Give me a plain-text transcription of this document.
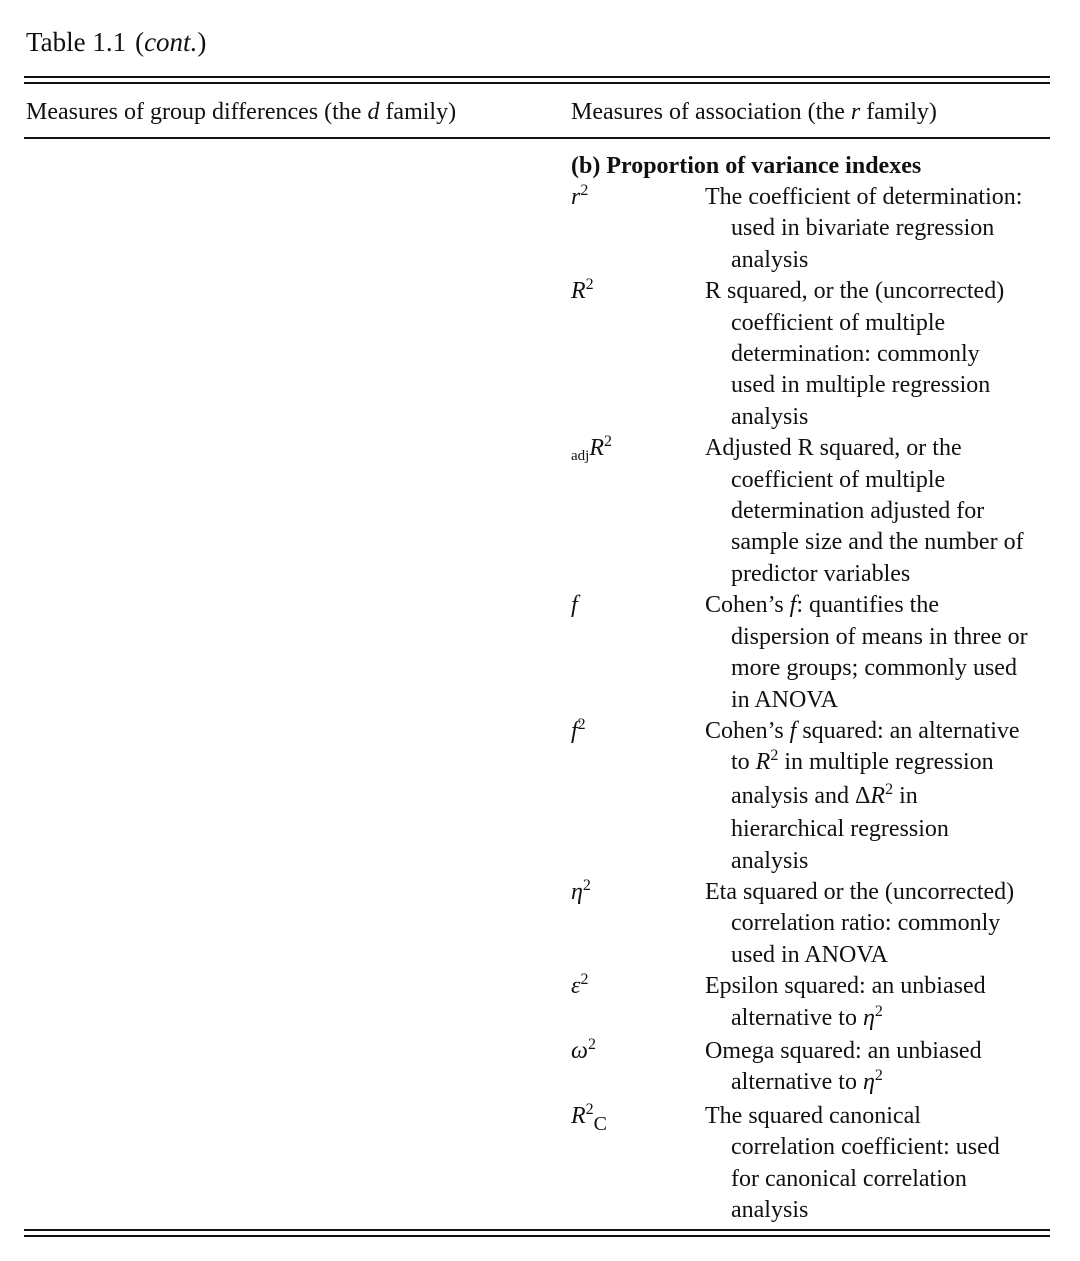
Table 1.1 (cont.)
Measures of group differences (the d family)	Measures of association (the r family)
(b) Proportion of variance indexes
$r^2$	The coefficient of determination:
used in bivariate regression
analysis
$R^2$	R squared, or the (uncorrected)
coefficient of multiple
determination: commonly
used in multiple regression
analysis
$_{adj}R^2$	Adjusted R squared, or the
coefficient of multiple
determination adjusted for
sample size and the number of
predictor variables
f	Cohen’s f: quantifies the
dispersion of means in three or
more groups; commonly used
in ANOVA
$f^2$	Cohen’s f squared: an alternative
to $R^2$ in multiple regression
analysis and $\Delta R^2$ in
hierarchical regression
analysis
$\eta^2$	Eta squared or the (uncorrected)
correlation ratio: commonly
used in ANOVA
$\varepsilon^2$	Epsilon squared: an unbiased
alternative to $\eta^2$
$\omega^2$	Omega squared: an unbiased
alternative to $\eta^2$
$R^2_C$	The squared canonical
correlation coefficient: used
for canonical correlation
analysis
